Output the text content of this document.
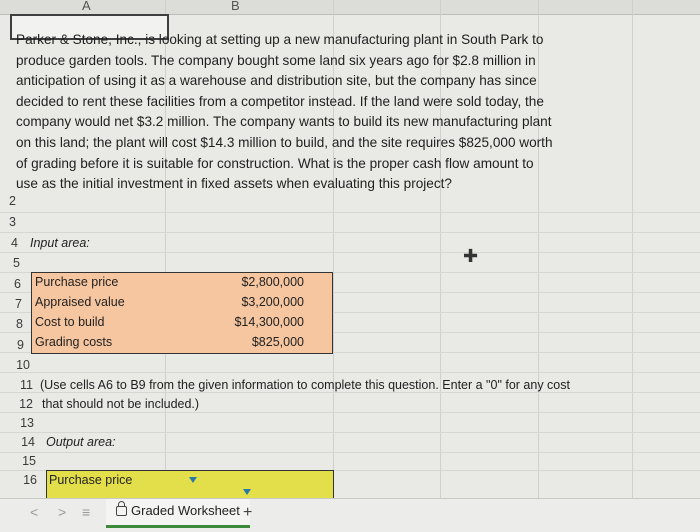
A	B
Parker & Stone, Inc., is looking at setting up a new manufacturing plant in South Park to produce garden tools. The company bought some land six years ago for $2.8 million in anticipation of using it as a warehouse and distribution site, but the company has since decided to rent these facilities from a competitor instead. If the land were sold today, the company would net $3.2 million. The company wants to build its new manufacturing plant on this land; the plant will cost $14.3 million to build, and the site requires $825,000 worth of grading before it is suitable for construction. What is the proper cash flow amount to use as the initial investment in fixed assets when evaluating this project?
2
3
4
5
6
7
8
9
10
11
12
13
14
15
16
Input area:
Purchase price	$2,800,000
Appraised value	$3,200,000
Cost to build	$14,300,000
Grading costs	$825,000
(Use cells A6 to B9 from the given information to complete this question. Enter a "0" for any cost
that should not be included.)
Output area:
Purchase price
✚
< > ≡	Graded Worksheet +
